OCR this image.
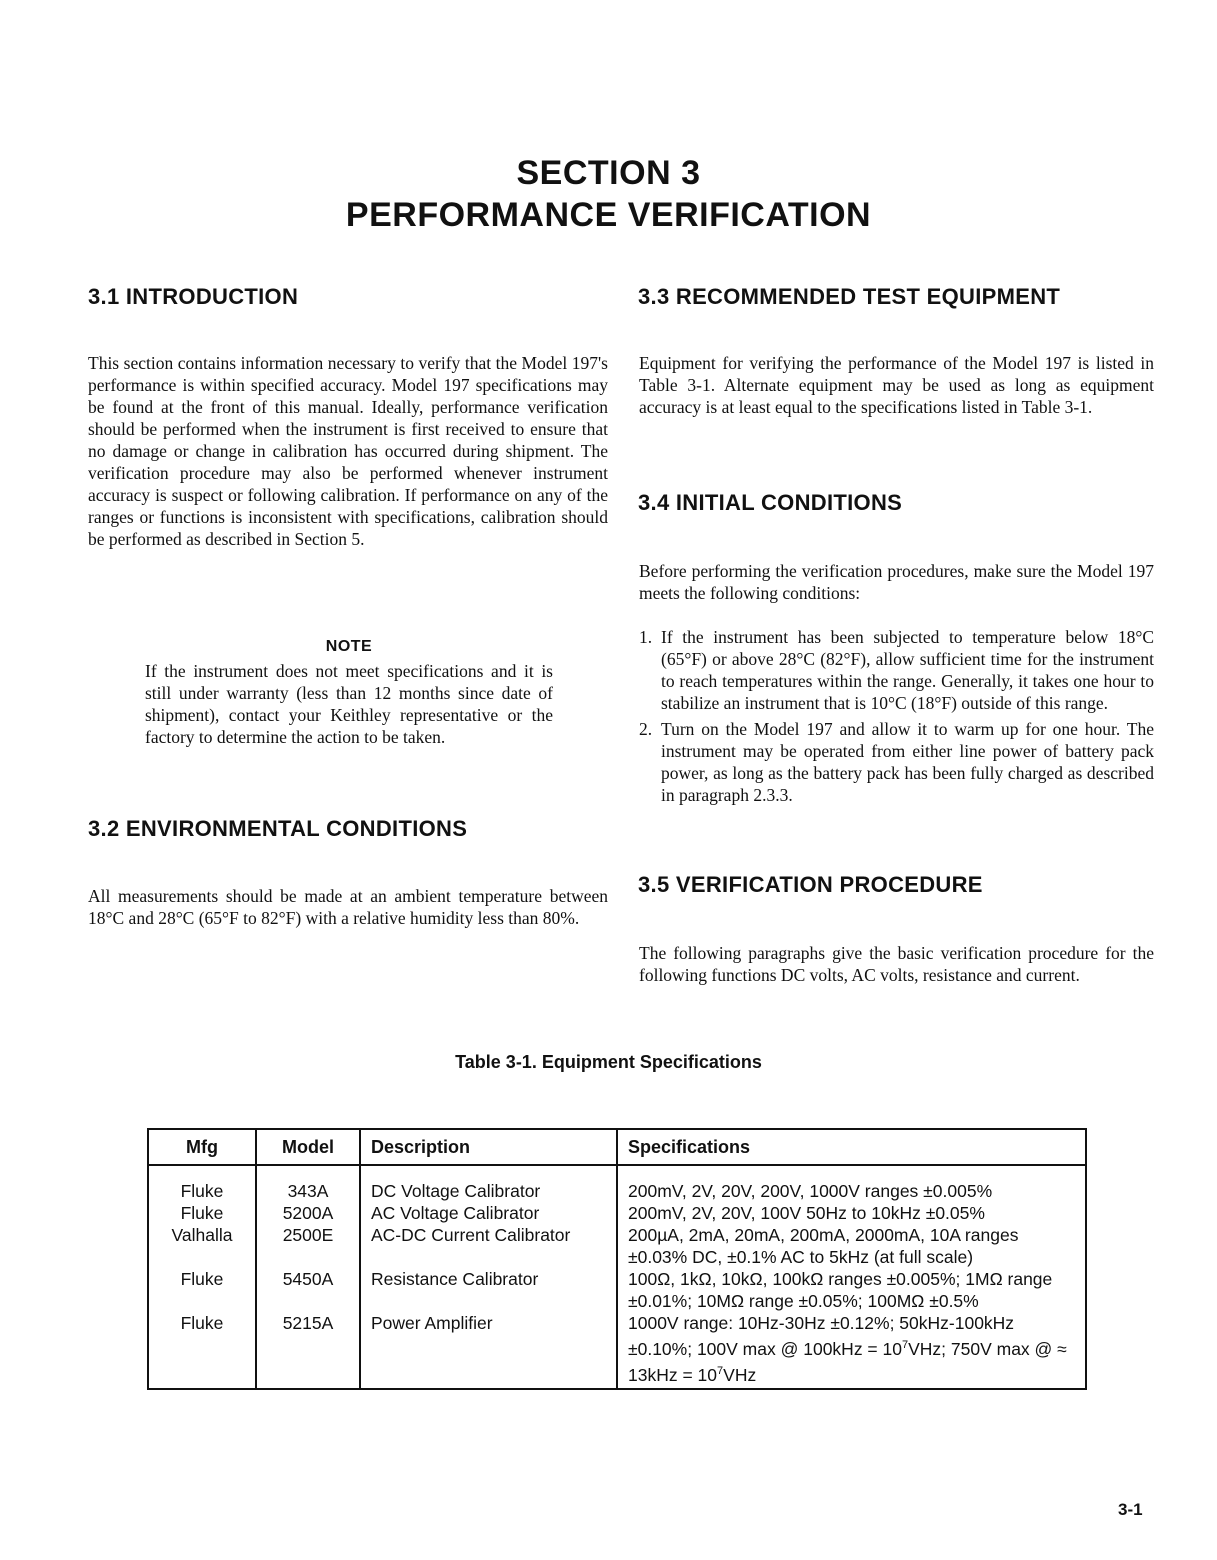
SECTION 3
PERFORMANCE VERIFICATION
3.1 INTRODUCTION

This section contains information necessary to verify that the Model 197's performance is within specified accuracy. Model 197 specifications may be found at the front of this manual. Ideally, performance verification should be performed when the instrument is first received to ensure that no damage or change in calibration has occurred during shipment. The verification procedure may also be performed whenever instrument accuracy is suspect or following calibration. If performance on any of the ranges or functions is inconsistent with specifications, calibration should be performed as described in Section 5.

NOTE

If the instrument does not meet specifications and it is still under warranty (less than 12 months since date of shipment), contact your Keithley representative or the factory to determine the action to be taken.

3.2 ENVIRONMENTAL CONDITIONS

All measurements should be made at an ambient temperature between 18°C and 28°C (65°F to 82°F) with a relative humidity less than 80%.

3.3 RECOMMENDED TEST EQUIPMENT

Equipment for verifying the performance of the Model 197 is listed in Table 3-1. Alternate equipment may be used as long as equipment accuracy is at least equal to the specifications listed in Table 3-1.

3.4 INITIAL CONDITIONS

Before performing the verification procedures, make sure the Model 197 meets the following conditions:

1. If the instrument has been subjected to temperature below 18°C (65°F) or above 28°C (82°F), allow sufficient time for the instrument to reach temperatures within the range. Generally, it takes one hour to stabilize an instrument that is 10°C (18°F) outside of this range.
2. Turn on the Model 197 and allow it to warm up for one hour. The instrument may be operated from either line power of battery pack power, as long as the battery pack has been fully charged as described in paragraph 2.3.3.
3.5 VERIFICATION PROCEDURE

The following paragraphs give the basic verification procedure for the following functions DC volts, AC volts, resistance and current.

Table 3-1. Equipment Specifications
Mfg	Model	Description	Specifications
Fluke	343A	DC Voltage Calibrator	200mV, 2V, 20V, 200V, 1000V ranges ±0.005%
Fluke	5200A	AC Voltage Calibrator	200mV, 2V, 20V, 100V 50Hz to 10kHz ±0.05%
Valhalla	2500E	AC-DC Current Calibrator	200µA, 2mA, 20mA, 200mA, 2000mA, 10A ranges ±0.03% DC, ±0.1% AC to 5kHz (at full scale)
Fluke	5450A	Resistance Calibrator	100Ω, 1kΩ, 10kΩ, 100kΩ ranges ±0.005%; 1MΩ range ±0.01%; 10MΩ range ±0.05%; 100MΩ ±0.5%
Fluke	5215A	Power Amplifier	1000V range: 10Hz-30Hz ±0.12%; 50kHz-100kHz ±0.10%; 100V max @ $100kHz = 10^7VHz$; 750V max @ ≈ $13kHz = 10^7VHz$
3-1
